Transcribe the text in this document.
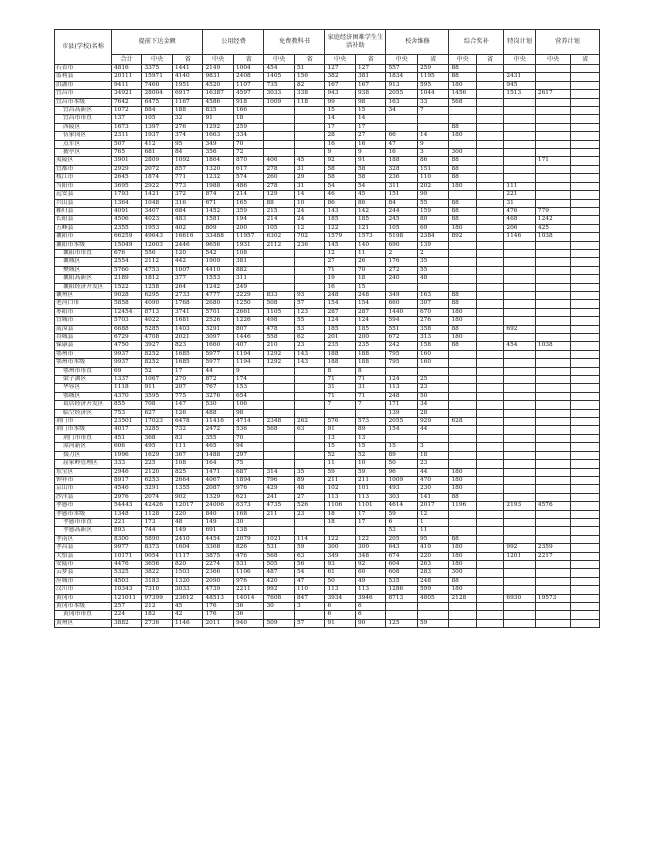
市县(学校)名称	提前下达金额			公用经费		免费教科书		家庭经济困难学生生活补助		校舍维修		综合奖补		特岗计划	营养计划	
	合计	中央	省	中央	省	中央	省	中央	省	中央	省	中央	省	中央	中央	省
石首市	4816	3375	1441	2149	1004	454	51	127	127	557	259	88				
监利县	20111	15971	4140	9831	2408	1405	156	382	381	1834	1195	88		2431		
洪湖市	9411	7460	1951	4520	1107	735	82	167	167	913	595	180		945		
宜昌市	34921	28004	6917	16387	4597	3033	338	943	938	2055	1044	1456		1513	2617	
宜昌市本级	7642	6475	1167	4586	918	1009	118	99	98	163	33	568				
宜昌高新区	1072	884	188	835	166			15	15	34	7					
宜昌市市直	137	105	32	91	18			14	14							
西陵区	1673	1397	276	1292	259			17	17			88				
伍家岗区	2311	1937	374	1663	334			28	27	66	14	180				
点军区	507	412	95	349	70			16	16	47	9					
猇亭区	765	681	84	356	72			9	9	16	3	300				
夷陵区	3901	2809	1092	1864	870	406	45	92	91	188	86	88			171	
宜都市	2929	2072	857	1320	617	278	31	58	58	328	151	88				
枝江市	2645	1874	771	1232	574	260	29	58	58	236	110	88				
当阳市	3695	2922	773	1988	486	278	31	54	54	311	202	180		111		
远安县	1793	1421	372	874	214	129	14	46	45	151	99			221		
兴山县	1364	1048	316	671	165	88	10	86	86	84	55	88		31		
秭归县	4091	3407	684	1452	359	215	24	143	142	244	159	88		476	779	
长阳县	4506	4023	483	1581	194	214	24	185	185	245	80	88		468	1242	
五峰县	2355	1953	402	809	200	105	12	122	121	105	69	180		206	425	
襄阳市	66259	49643	16616	33488	11957	6302	702	1579	1573	5198	2384	892		1146	1038	
襄阳市本级	15049	12603	2446	9656	1931	2112	236	145	140	690	139					
襄阳市市直	676	556	120	542	108			12	11	2	2					
襄城区	2554	2112	442	1909	381			27	26	176	35					
樊城区	5760	4753	1007	4410	882			71	70	272	55					
襄阳高新区	2189	1812	377	1553	311			19	18	240	48					
襄阳经济开发区	1522	1258	264	1242	249			16	15							
襄州区	9028	6295	2733	4777	2229	833	93	248	248	349	163	88				
老河口市	5858	4090	1768	2680	1250	508	57	154	154	660	307	88				
枣阳市	12454	8713	3741	5701	2661	1105	123	287	287	1440	670	180				
宜城市	5703	4022	1681	2526	1226	498	55	124	124	594	276	180				
南漳县	6688	5285	1403	3291	807	478	53	185	185	551	358	88		692		
谷城县	6729	4708	2021	3097	1446	558	62	201	200	672	313	180				
保康县	4750	3927	823	1660	407	210	23	235	235	242	158	88		454	1038	
鄂州市	9937	8252	1685	5977	1194	1292	143	188	188	795	160					
鄂州市本级	9937	8252	1685	5977	1194	1292	143	188	188	795	160					
鄂州市市直	69	52	17	44	9			8	8							
梁子湖区	1337	1067	270	872	174			71	71	124	25					
华容区	1118	911	207	767	153			31	31	113	23					
鄂城区	4370	3595	775	3276	654			71	71	248	50					
葛店经济开发区	855	708	147	530	106			7	7	171	34					
临空经济区	753	627	126	488	98					139	28					
荆门市	23501	17023	6478	11416	4714	2348	262	576	573	2055	929	628				
荆门市本级	4017	3285	732	2472	536	568	63	91	89	154	44					
荆门市市直	451	368	83	355	70			13	13							
漳河新区	606	495	111	465	94			15	15	15	3					
掇刀区	1996	1629	367	1488	297			52	52	89	18					
屈家岭管理区	333	225	108	164	75			11	10	50	23					
东宝区	2946	2120	825	1471	687	314	35	59	59	96	44	180				
钟祥市	8917	6253	2664	4067	1894	796	89	211	211	1009	470	180				
京山市	4546	3291	1355	2087	976	429	48	102	101	493	230	180				
沙洋县	2976	2074	902	1329	621	241	27	113	113	303	141	88				
孝感市	54443	42426	12017	24006	8373	4735	526	1106	1101	4614	2017	1196		2193	4576	
孝感市本级	1348	1128	220	840	168	211	23	18	17	59	12					
孝感市市直	221	173	48	149	30			18	17	6	1					
孝感高新区	893	744	149	691	138					53	11					
孝南区	8300	5890	2410	4454	2079	1021	114	122	122	205	95	88				
孝昌县	9977	8373	1604	3368	826	531	59	300	300	643	419	180		992	2359	
大悟县	10171	9054	1117	3875	476	568	63	349	348	674	220	180		1201	2217	
安陆市	4476	3656	820	2274	531	505	56	93	92	604	263	180				
云梦县	5325	3822	1503	2366	1106	487	54	61	60	608	283	300				
应城市	4503	3183	1320	2090	976	420	47	50	49	535	248	88				
汉川市	10343	7310	3033	4739	2211	992	110	113	113	1286	599	180				
黄冈市	121011	97399	23612	48513	14014	7608	847	3934	3946	8713	4805	2128		6930	19573	
黄冈市本级	257	212	45	176	36	30	3	6	6							
黄冈市市直	224	182	42	176	36			6	6							
黄州区	3882	2736	1146	2011	940	509	57	91	90	125	59					
